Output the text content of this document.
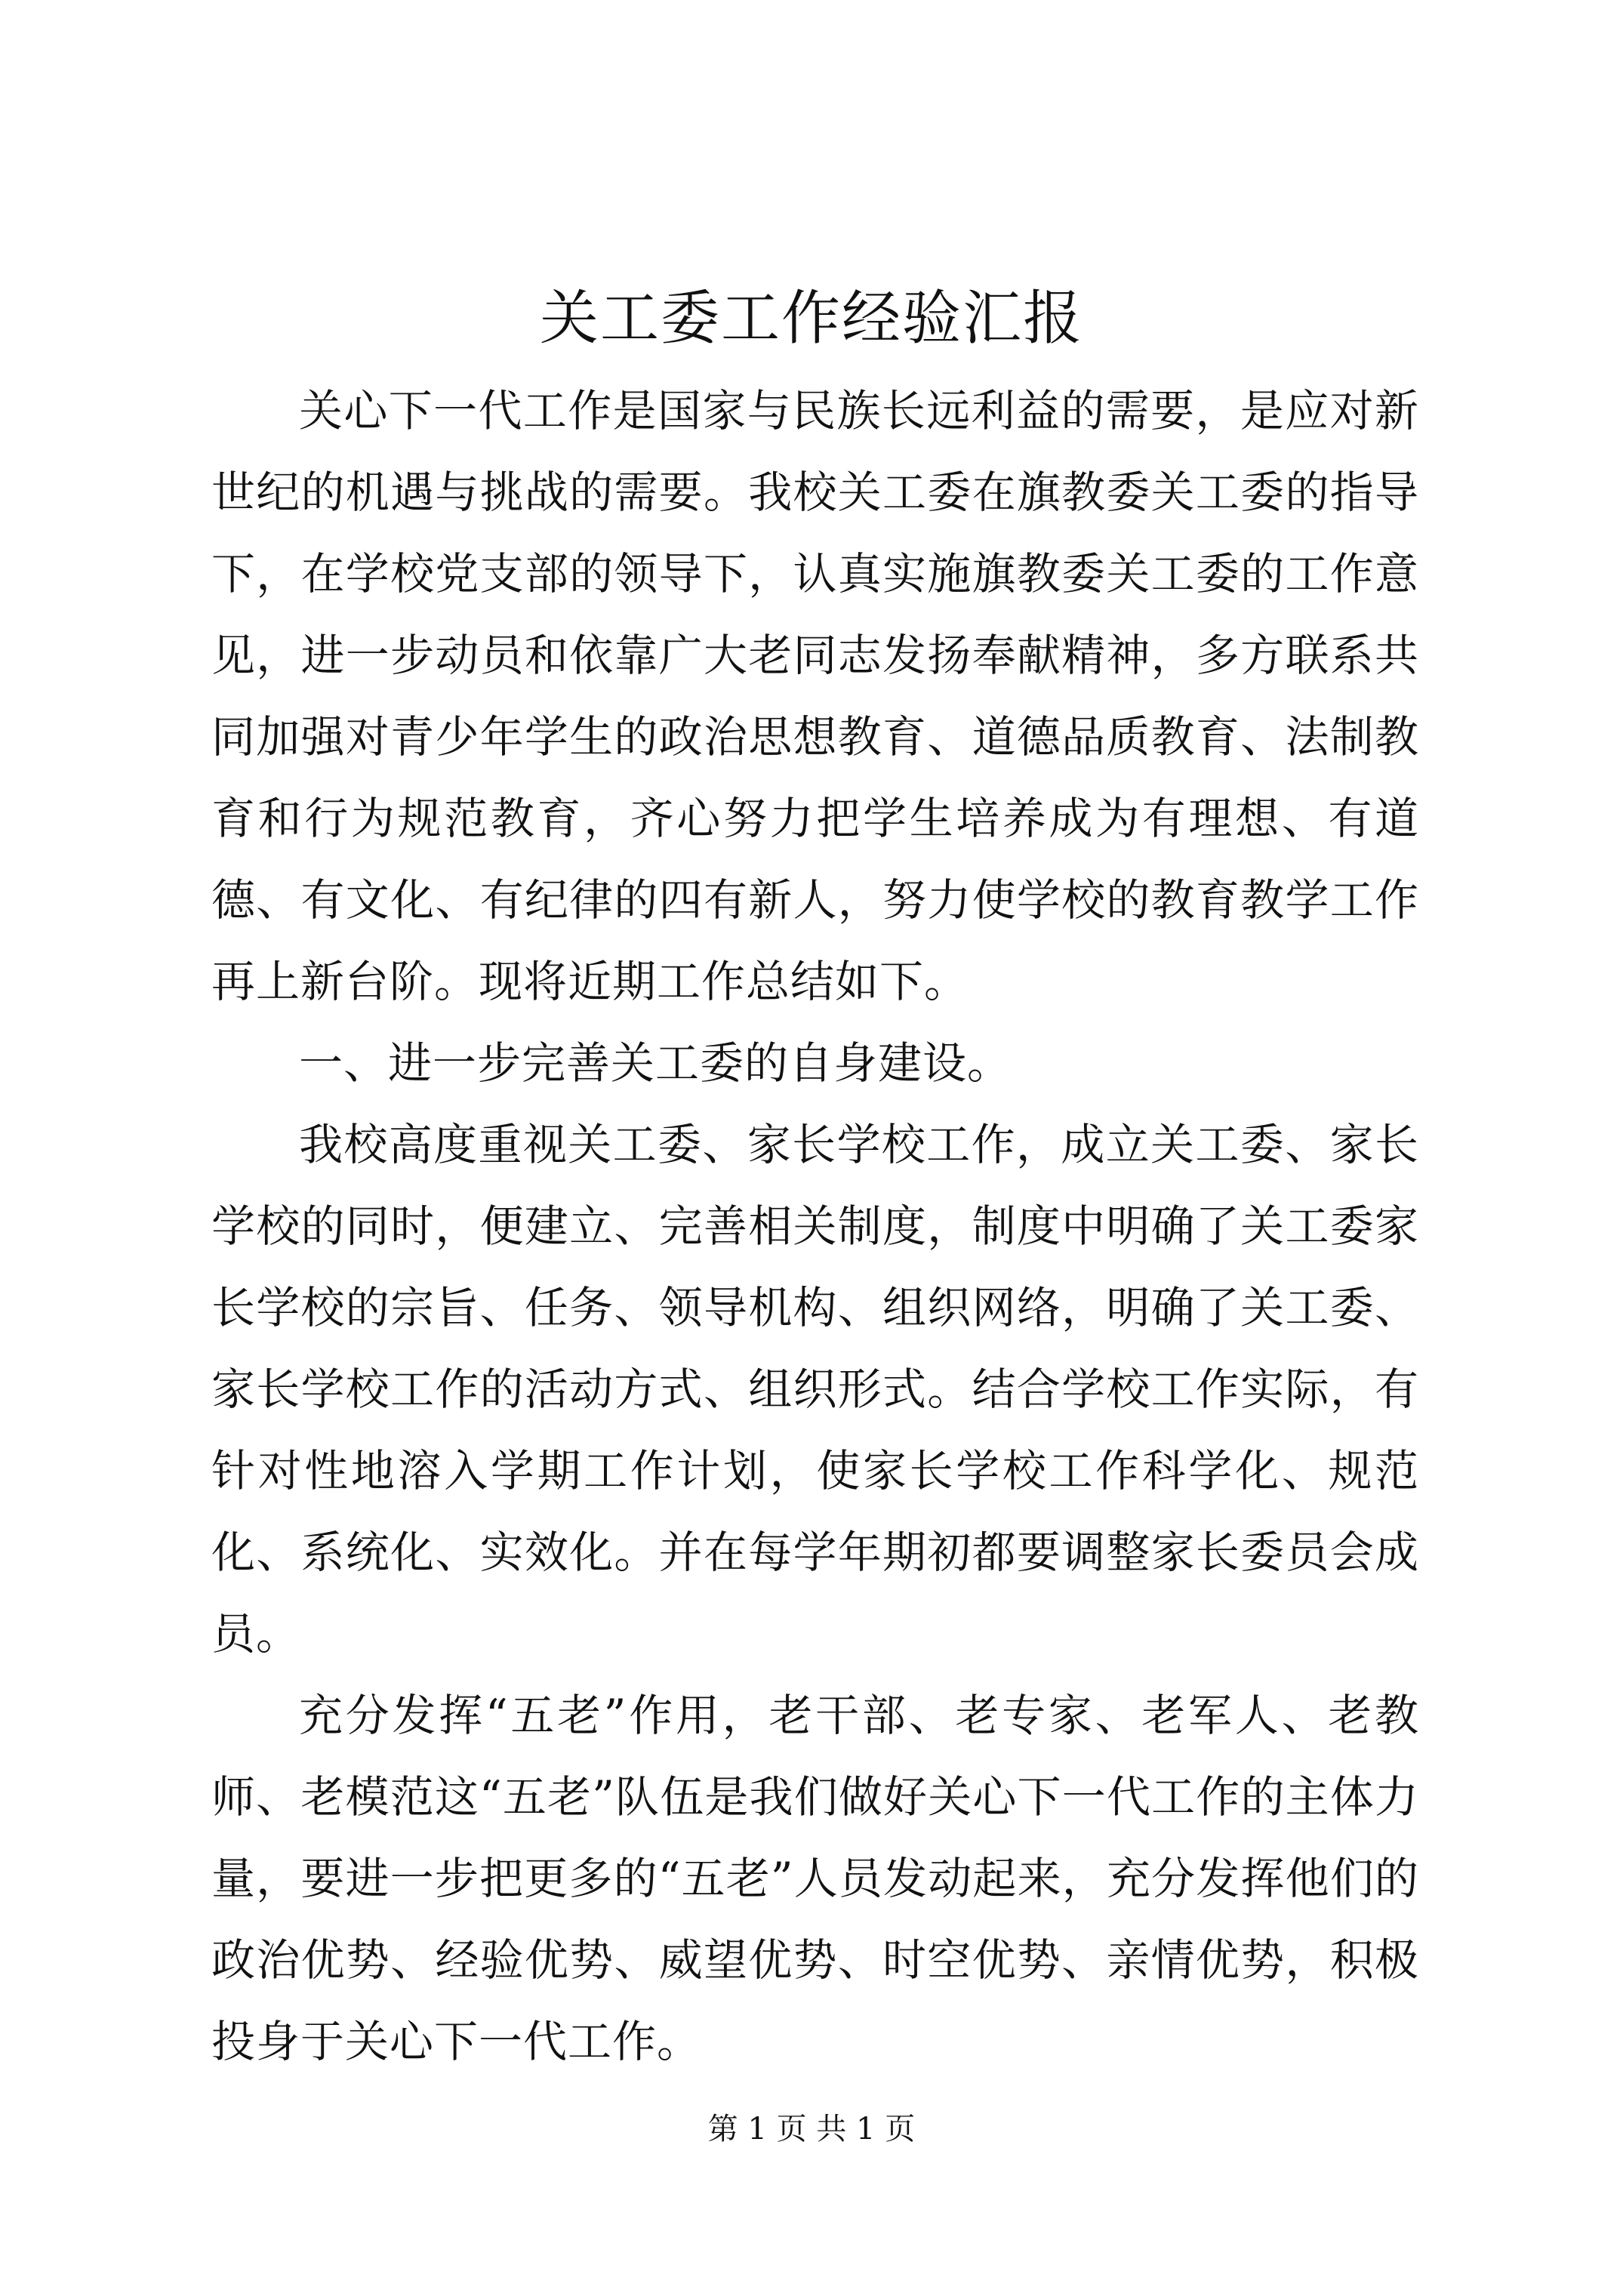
关工委工作经验汇报

关心下一代工作是国家与民族长远利益的需要，是应对新世纪的机遇与挑战的需要。我校关工委在旗教委关工委的指导下，在学校党支部的领导下，认真实施旗教委关工委的工作意见，进一步动员和依靠广大老同志发扬奉献精神，多方联系共同加强对青少年学生的政治思想教育、道德品质教育、法制教育和行为规范教育，齐心努力把学生培养成为有理想、有道德、有文化、有纪律的四有新人，努力使学校的教育教学工作再上新台阶。现将近期工作总结如下。

一、进一步完善关工委的自身建设。

我校高度重视关工委、家长学校工作，成立关工委、家长学校的同时，便建立、完善相关制度，制度中明确了关工委家长学校的宗旨、任务、领导机构、组织网络，明确了关工委、家长学校工作的活动方式、组织形式。结合学校工作实际，有针对性地溶入学期工作计划，使家长学校工作科学化、规范化、系统化、实效化。并在每学年期初都要调整家长委员会成员。

充分发挥“五老”作用，老干部、老专家、老军人、老教师、老模范这“五老”队伍是我们做好关心下一代工作的主体力量，要进一步把更多的“五老”人员发动起来，充分发挥他们的政治优势、经验优势、威望优势、时空优势、亲情优势，积极投身于关心下一代工作。

第 1 页 共 1 页
